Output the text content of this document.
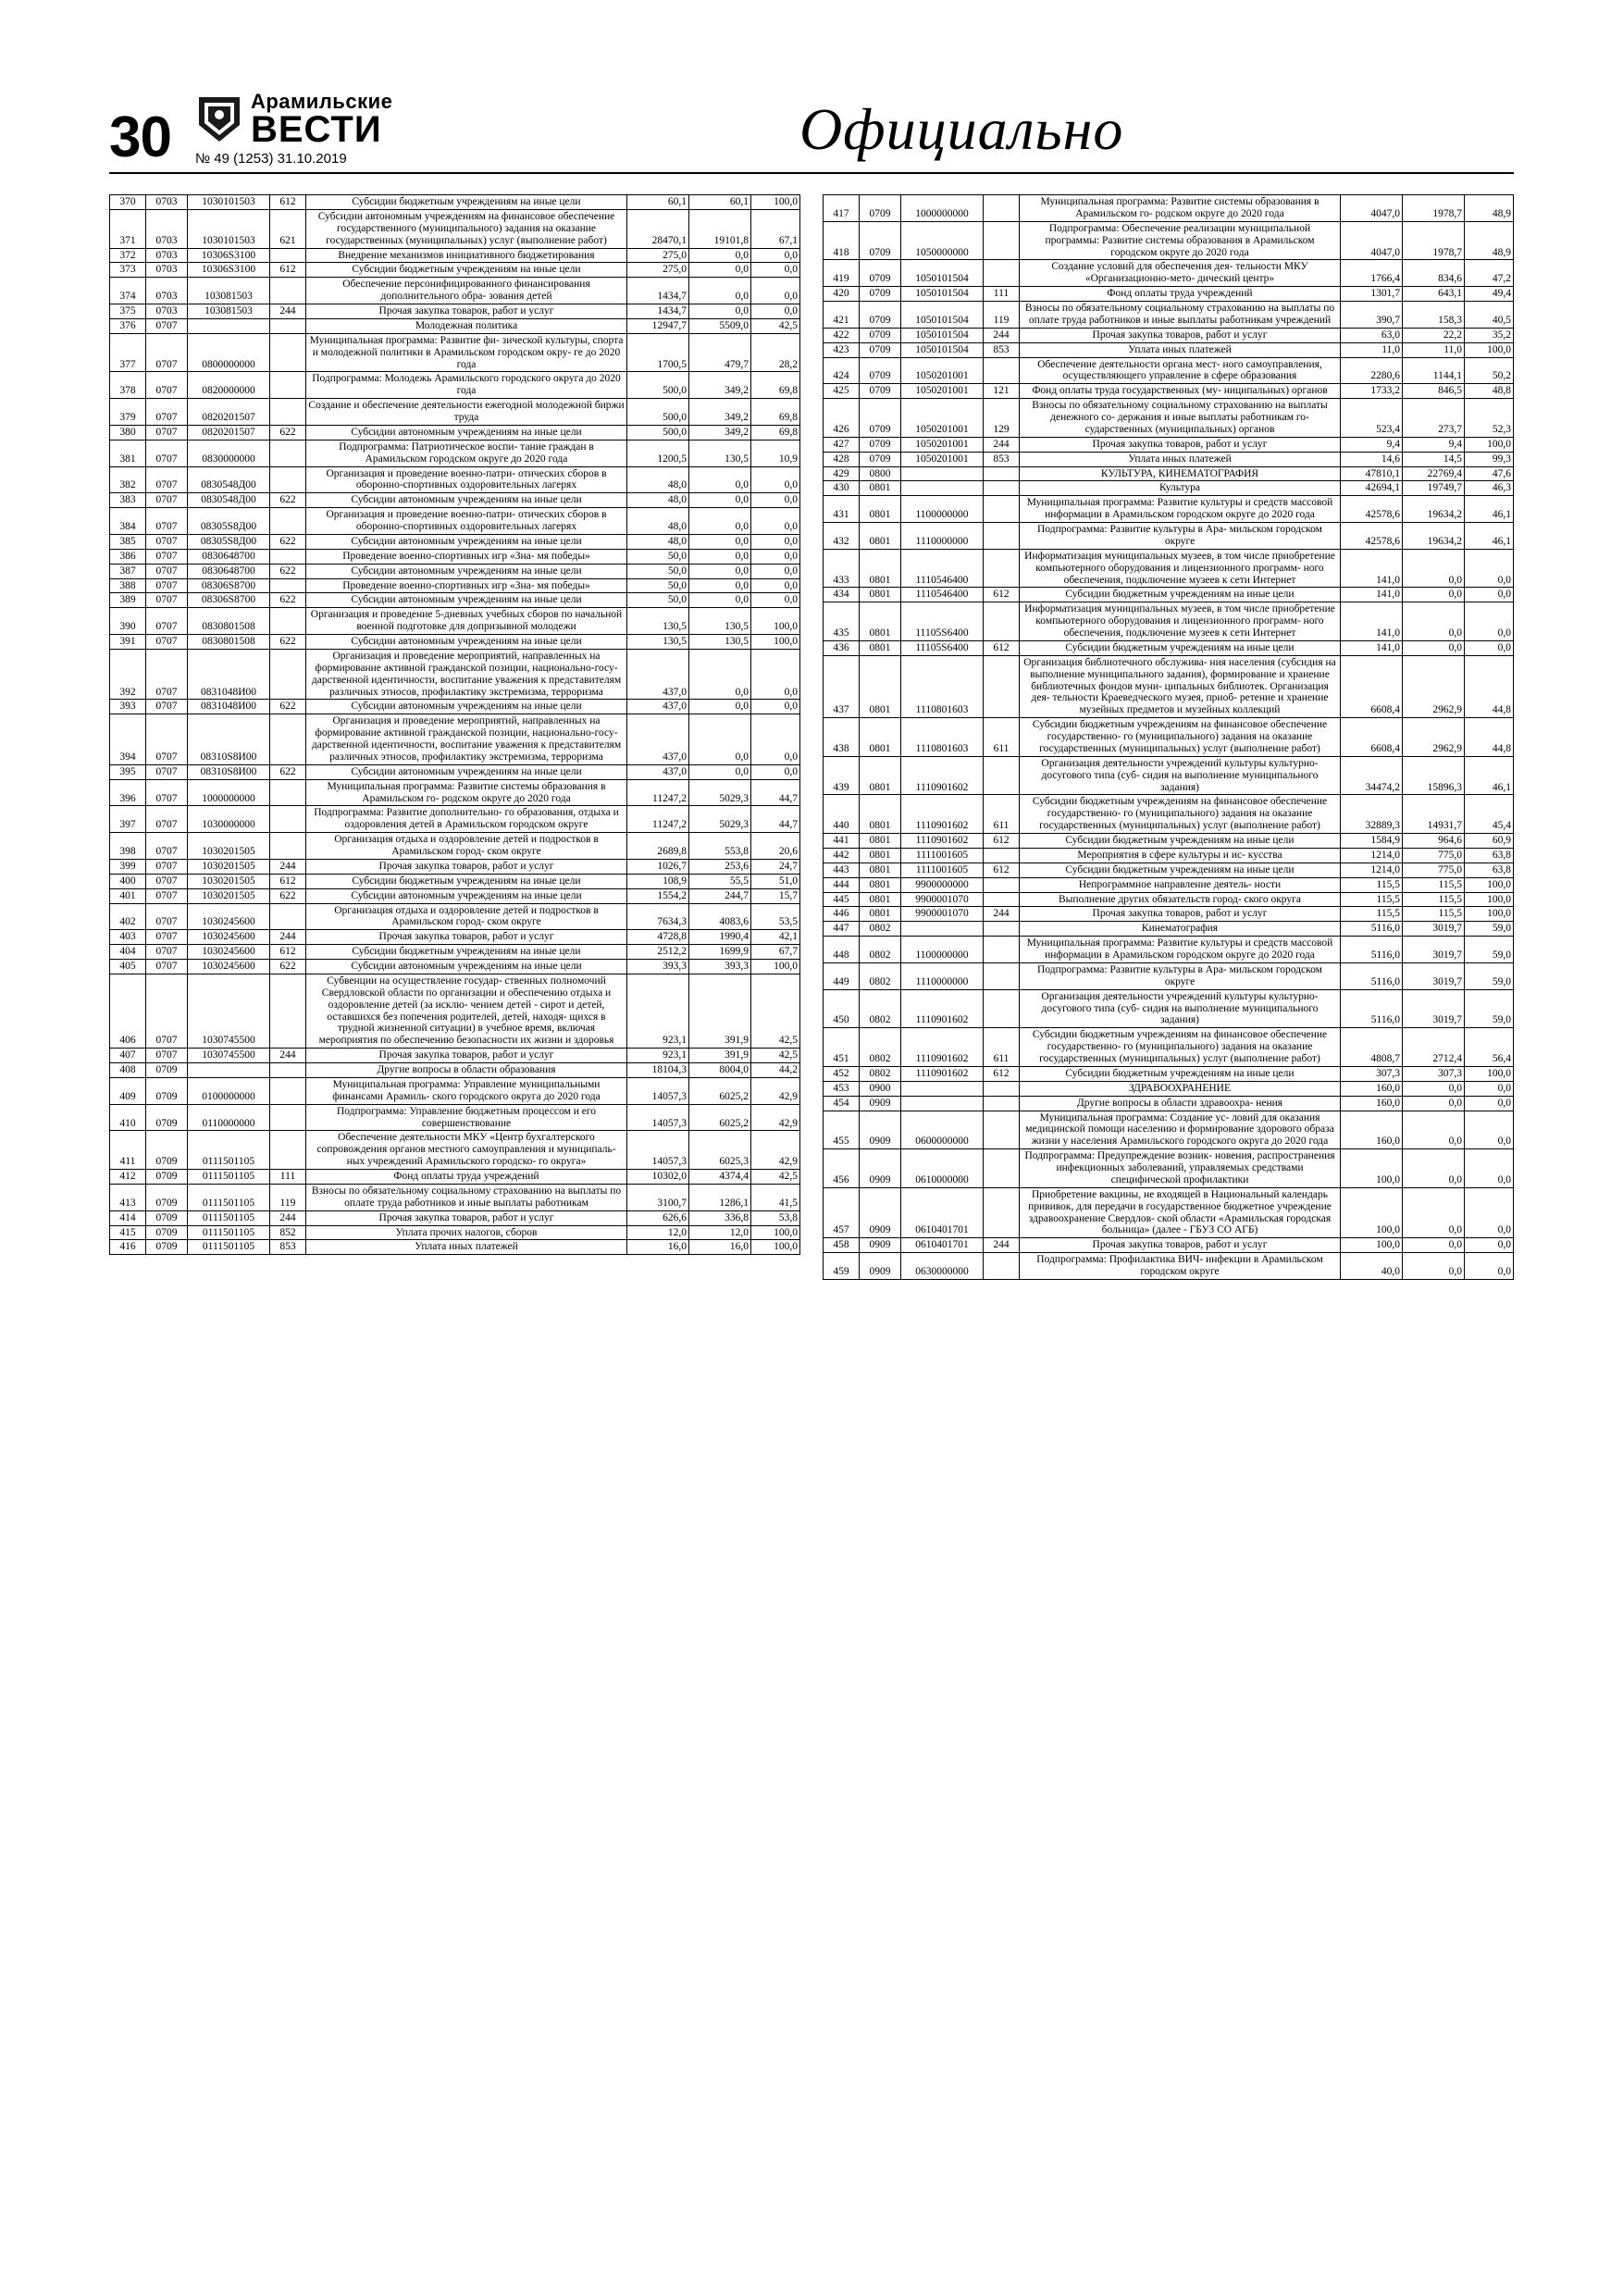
30
Арамильские
ВЕСТИ
№ 49 (1253) 31.10.2019	Официально
370	0703	1030101503	612	Субсидии бюджетным учреждениям на иные цели	60,1	60,1	100,0
371	0703	1030101503	621	Субсидии автономным учреждениям на финансовое обеспечение государственного (муниципального) задания на оказание государственных (муниципальных) услуг (выполнение работ)	28470,1	19101,8	67,1
372	0703	10306S3100		Внедрение механизмов инициативного бюджетирования	275,0	0,0	0,0
373	0703	10306S3100	612	Субсидии бюджетным учреждениям на иные цели	275,0	0,0	0,0
374	0703	103081503		Обеспечение персонифицированного финансирования дополнительного обра- зования детей	1434,7	0,0	0,0
375	0703	103081503	244	Прочая закупка товаров, работ и услуг	1434,7	0,0	0,0
376	0707			Молодежная политика	12947,7	5509,0	42,5
377	0707	0800000000		Муниципальная программа: Развитие фи- зической культуры, спорта и молодежной политики в Арамильском городском окру- ге до 2020 года	1700,5	479,7	28,2
378	0707	0820000000		Подпрограмма: Молодежь Арамильского городского округа до 2020 года	500,0	349,2	69,8
379	0707	0820201507		Создание и обеспечение деятельности ежегодной молодежной биржи труда	500,0	349,2	69,8
380	0707	0820201507	622	Субсидии автономным учреждениям на иные цели	500,0	349,2	69,8
381	0707	0830000000		Подпрограмма: Патриотическое воспи- тание граждан в Арамильском городском округе до 2020 года	1200,5	130,5	10,9
382	0707	0830548Д00		Организация и проведение военно-патри- отических сборов в оборонно-спортивных оздоровительных лагерях	48,0	0,0	0,0
383	0707	0830548Д00	622	Субсидии автономным учреждениям на иные цели	48,0	0,0	0,0
384	0707	08305S8Д00		Организация и проведение военно-патри- отических сборов в оборонно-спортивных оздоровительных лагерях	48,0	0,0	0,0
385	0707	08305S8Д00	622	Субсидии автономным учреждениям на иные цели	48,0	0,0	0,0
386	0707	0830648700		Проведение военно-спортивных игр «Зна- мя победы»	50,0	0,0	0,0
387	0707	0830648700	622	Субсидии автономным учреждениям на иные цели	50,0	0,0	0,0
388	0707	08306S8700		Проведение военно-спортивных игр «Зна- мя победы»	50,0	0,0	0,0
389	0707	08306S8700	622	Субсидии автономным учреждениям на иные цели	50,0	0,0	0,0
390	0707	0830801508		Организация и проведение 5-дневных учебных сборов по начальной военной подготовке для допризывной молодежи	130,5	130,5	100,0
391	0707	0830801508	622	Субсидии автономным учреждениям на иные цели	130,5	130,5	100,0
392	0707	0831048И00		Организация и проведение мероприятий, направленных на формирование активной гражданской позиции, национально-госу- дарственной идентичности, воспитание уважения к представителям различных этносов, профилактику экстремизма, терроризма	437,0	0,0	0,0
393	0707	0831048И00	622	Субсидии автономным учреждениям на иные цели	437,0	0,0	0,0
394	0707	08310S8И00		Организация и проведение мероприятий, направленных на формирование активной гражданской позиции, национально-госу- дарственной идентичности, воспитание уважения к представителям различных этносов, профилактику экстремизма, терроризма	437,0	0,0	0,0
395	0707	08310S8И00	622	Субсидии автономным учреждениям на иные цели	437,0	0,0	0,0
396	0707	1000000000		Муниципальная программа: Развитие системы образования в Арамильском го- родском округе до 2020 года	11247,2	5029,3	44,7
397	0707	1030000000		Подпрограмма: Развитие дополнительно- го образования, отдыха и оздоровления детей в Арамильском городском округе	11247,2	5029,3	44,7
398	0707	1030201505		Организация отдыха и оздоровление детей и подростков в Арамильском город- ском округе	2689,8	553,8	20,6
399	0707	1030201505	244	Прочая закупка товаров, работ и услуг	1026,7	253,6	24,7
400	0707	1030201505	612	Субсидии бюджетным учреждениям на иные цели	108,9	55,5	51,0
401	0707	1030201505	622	Субсидии автономным учреждениям на иные цели	1554,2	244,7	15,7
402	0707	1030245600		Организация отдыха и оздоровление детей и подростков в Арамильском город- ском округе	7634,3	4083,6	53,5
403	0707	1030245600	244	Прочая закупка товаров, работ и услуг	4728,8	1990,4	42,1
404	0707	1030245600	612	Субсидии бюджетным учреждениям на иные цели	2512,2	1699,9	67,7
405	0707	1030245600	622	Субсидии автономным учреждениям на иные цели	393,3	393,3	100,0
406	0707	1030745500		Субвенции на осуществление государ- ственных полномочий Свердловской области по организации и обеспечению отдыха и оздоровление детей (за исклю- чением детей - сирот и детей, оставшихся без попечения родителей, детей, находя- щихся в трудной жизненной ситуации) в учебное время, включая мероприятия по обеспечению безопасности их жизни и здоровья	923,1	391,9	42,5
407	0707	1030745500	244	Прочая закупка товаров, работ и услуг	923,1	391,9	42,5
408	0709			Другие вопросы в области образования	18104,3	8004,0	44,2
409	0709	0100000000		Муниципальная программа: Управление муниципальными финансами Арамиль- ского городского округа до 2020 года	14057,3	6025,2	42,9
410	0709	0110000000		Подпрограмма: Управление бюджетным процессом и его совершенствование	14057,3	6025,2	42,9
411	0709	0111501105		Обеспечение деятельности МКУ «Центр бухгалтерского сопровождения органов местного самоуправления и муниципаль- ных учреждений Арамильского городско- го округа»	14057,3	6025,3	42,9
412	0709	0111501105	111	Фонд оплаты труда учреждений	10302,0	4374,4	42,5
413	0709	0111501105	119	Взносы по обязательному социальному страхованию на выплаты по оплате труда работников и иные выплаты работникам	3100,7	1286,1	41,5
414	0709	0111501105	244	Прочая закупка товаров, работ и услуг	626,6	336,8	53,8
415	0709	0111501105	852	Уплата прочих налогов, сборов	12,0	12,0	100,0
416	0709	0111501105	853	Уплата иных платежей	16,0	16,0	100,0
417	0709	1000000000		Муниципальная программа: Развитие системы образования в Арамильском го- родском округе до 2020 года	4047,0	1978,7	48,9
418	0709	1050000000		Подпрограмма: Обеспечение реализации муниципальной программы: Развитие системы образования в Арамильском городском округе до 2020 года	4047,0	1978,7	48,9
419	0709	1050101504		Создание условий для обеспечения дея- тельности МКУ «Организационно-мето- дический центр»	1766,4	834,6	47,2
420	0709	1050101504	111	Фонд оплаты труда учреждений	1301,7	643,1	49,4
421	0709	1050101504	119	Взносы по обязательному социальному страхованию на выплаты по оплате труда работников и иные выплаты работникам учреждений	390,7	158,3	40,5
422	0709	1050101504	244	Прочая закупка товаров, работ и услуг	63,0	22,2	35,2
423	0709	1050101504	853	Уплата иных платежей	11,0	11,0	100,0
424	0709	1050201001		Обеспечение деятельности органа мест- ного самоуправления, осуществляющего управление в сфере образования	2280,6	1144,1	50,2
425	0709	1050201001	121	Фонд оплаты труда государственных (му- ниципальных) органов	1733,2	846,5	48,8
426	0709	1050201001	129	Взносы по обязательному социальному страхованию на выплаты денежного со- держания и иные выплаты работникам го- сударственных (муниципальных) органов	523,4	273,7	52,3
427	0709	1050201001	244	Прочая закупка товаров, работ и услуг	9,4	9,4	100,0
428	0709	1050201001	853	Уплата иных платежей	14,6	14,5	99,3
429	0800			КУЛЬТУРА, КИНЕМАТОГРАФИЯ	47810,1	22769,4	47,6
430	0801			Культура	42694,1	19749,7	46,3
431	0801	1100000000		Муниципальная программа: Развитие культуры и средств массовой информации в Арамильском городском округе до 2020 года	42578,6	19634,2	46,1
432	0801	1110000000		Подпрограмма: Развитие культуры в Ара- мильском городском округе	42578,6	19634,2	46,1
433	0801	1110546400		Информатизация муниципальных музеев, в том числе приобретение компьютерного оборудования и лицензионного программ- ного обеспечения, подключение музеев к сети Интернет	141,0	0,0	0,0
434	0801	1110546400	612	Субсидии бюджетным учреждениям на иные цели	141,0	0,0	0,0
435	0801	11105S6400		Информатизация муниципальных музеев, в том числе приобретение компьютерного оборудования и лицензионного программ- ного обеспечения, подключение музеев к сети Интернет	141,0	0,0	0,0
436	0801	11105S6400	612	Субсидии бюджетным учреждениям на иные цели	141,0	0,0	0,0
437	0801	1110801603		Организация библиотечного обслужива- ния населения (субсидия на выполнение муниципального задания), формирование и хранение библиотечных фондов муни- ципальных библиотек. Организация дея- тельности Краеведческого музея, приоб- ретение и хранение музейных предметов и музейных коллекций	6608,4	2962,9	44,8
438	0801	1110801603	611	Субсидии бюджетным учреждениям на финансовое обеспечение государственно- го (муниципального) задания на оказание государственных (муниципальных) услуг (выполнение работ)	6608,4	2962,9	44,8
439	0801	1110901602		Организация деятельности учреждений культуры культурно-досугового типа (суб- сидия на выполнение муниципального задания)	34474,2	15896,3	46,1
440	0801	1110901602	611	Субсидии бюджетным учреждениям на финансовое обеспечение государственно- го (муниципального) задания на оказание государственных (муниципальных) услуг (выполнение работ)	32889,3	14931,7	45,4
441	0801	1110901602	612	Субсидии бюджетным учреждениям на иные цели	1584,9	964,6	60,9
442	0801	1111001605		Мероприятия в сфере культуры и ис- кусства	1214,0	775,0	63,8
443	0801	1111001605	612	Субсидии бюджетным учреждениям на иные цели	1214,0	775,0	63,8
444	0801	9900000000		Непрограммное направление деятель- ности	115,5	115,5	100,0
445	0801	9900001070		Выполнение других обязательств город- ского округа	115,5	115,5	100,0
446	0801	9900001070	244	Прочая закупка товаров, работ и услуг	115,5	115,5	100,0
447	0802			Кинематография	5116,0	3019,7	59,0
448	0802	1100000000		Муниципальная программа: Развитие культуры и средств массовой информации в Арамильском городском округе до 2020 года	5116,0	3019,7	59,0
449	0802	1110000000		Подпрограмма: Развитие культуры в Ара- мильском городском округе	5116,0	3019,7	59,0
450	0802	1110901602		Организация деятельности учреждений культуры культурно-досугового типа (суб- сидия на выполнение муниципального задания)	5116,0	3019,7	59,0
451	0802	1110901602	611	Субсидии бюджетным учреждениям на финансовое обеспечение государственно- го (муниципального) задания на оказание государственных (муниципальных) услуг (выполнение работ)	4808,7	2712,4	56,4
452	0802	1110901602	612	Субсидии бюджетным учреждениям на иные цели	307,3	307,3	100,0
453	0900			ЗДРАВООХРАНЕНИЕ	160,0	0,0	0,0
454	0909			Другие вопросы в области здравоохра- нения	160,0	0,0	0,0
455	0909	0600000000		Муниципальная программа: Создание ус- ловий для оказания медицинской помощи населению и формирование здорового образа жизни у населения Арамильского городского округа до 2020 года	160,0	0,0	0,0
456	0909	0610000000		Подпрограмма: Предупреждение возник- новения, распространения инфекционных заболеваний, управляемых средствами специфической профилактики	100,0	0,0	0,0
457	0909	0610401701		Приобретение вакцины, не входящей в Национальный календарь прививок, для передачи в государственное бюджетное учреждение здравоохранение Свердлов- ской области «Арамильская городская больница» (далее - ГБУЗ СО АГБ)	100,0	0,0	0,0
458	0909	0610401701	244	Прочая закупка товаров, работ и услуг	100,0	0,0	0,0
459	0909	0630000000		Подпрограмма: Профилактика ВИЧ- инфекции в Арамильском городском округе	40,0	0,0	0,0
